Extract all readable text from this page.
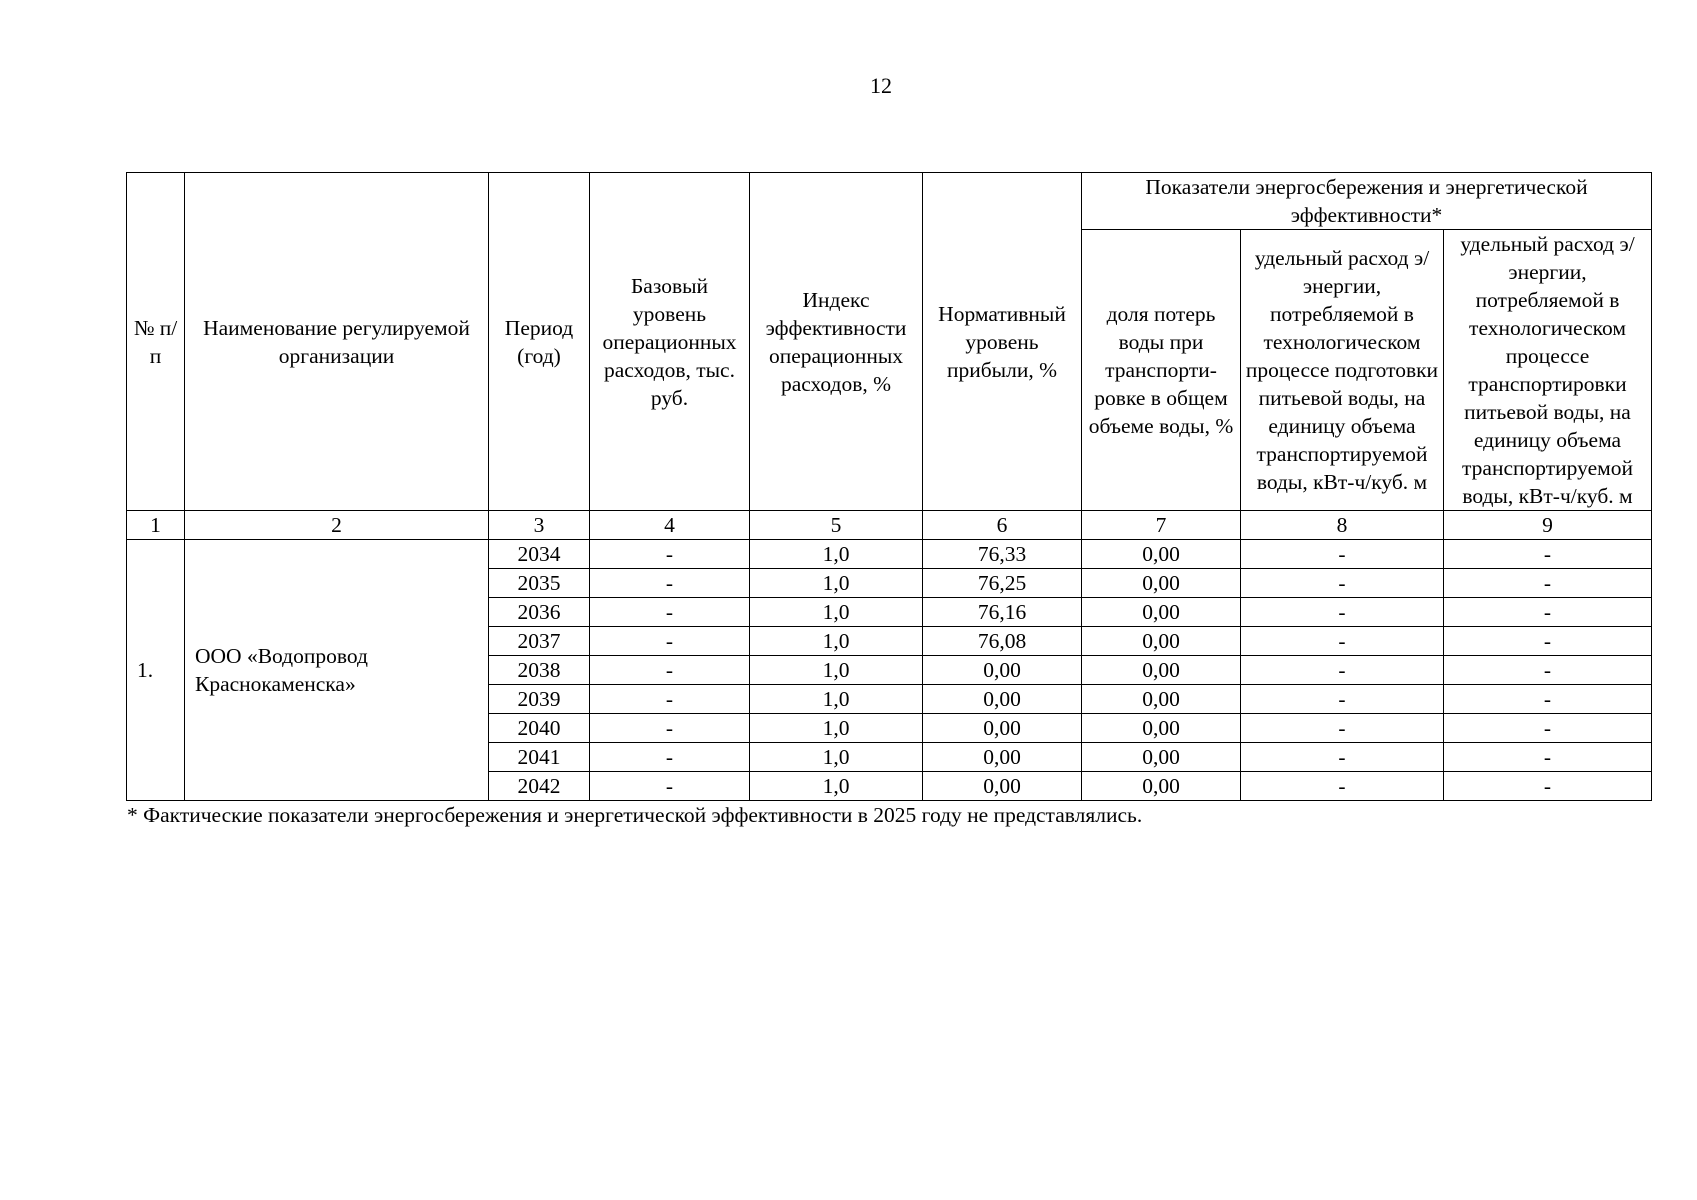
12
№ п/п	Наименование регулируемой организации	Период (год)	Базовый уровень операционных расходов, тыс. руб.	Индекс эффективности операционных расходов, %	Нормативный уровень прибыли, %	Показатели энергосбережения и энергетической эффективности*		
						доля потерь воды при транспорти-ровке в общем объеме воды, %	удельный расход э/энергии, потребляемой в технологическом процессе подготовки питьевой воды, на единицу объема транспортируемой воды, кВт-ч/куб. м	удельный расход э/энергии, потребляемой в технологическом процессе транспортировки питьевой воды, на единицу объема транспортируемой воды, кВт-ч/куб. м
1	2	3	4	5	6	7	8	9
1.	ООО «Водопровод Краснокаменска»	2034	-	1,0	76,33	0,00	-	-
		2035	-	1,0	76,25	0,00	-	-
		2036	-	1,0	76,16	0,00	-	-
		2037	-	1,0	76,08	0,00	-	-
		2038	-	1,0	0,00	0,00	-	-
		2039	-	1,0	0,00	0,00	-	-
		2040	-	1,0	0,00	0,00	-	-
		2041	-	1,0	0,00	0,00	-	-
		2042	-	1,0	0,00	0,00	-	-
* Фактические показатели энергосбережения и энергетической эффективности в 2025 году не представлялись.
